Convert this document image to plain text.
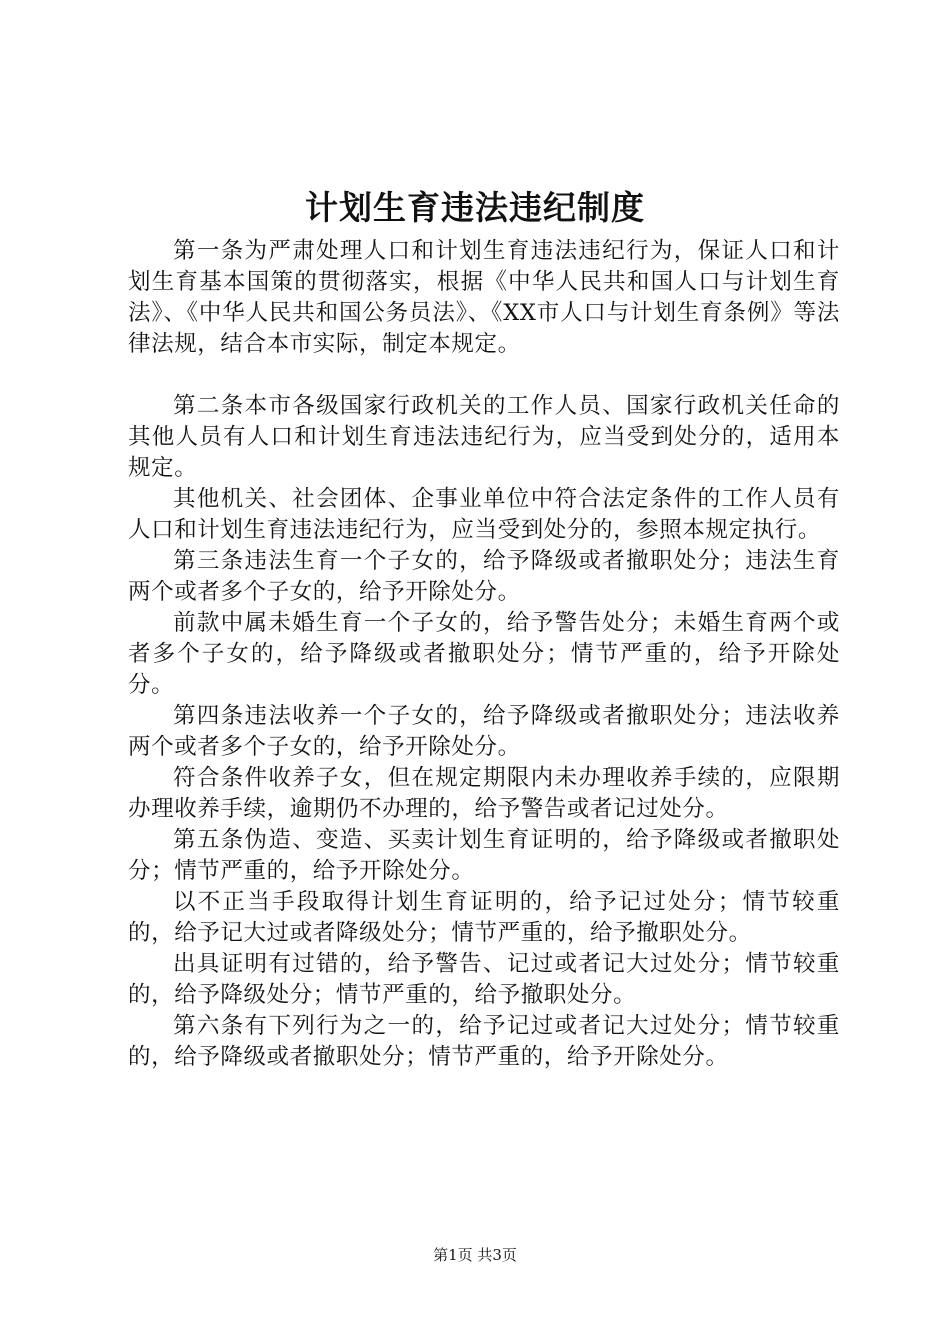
计划生育违法违纪制度

第一条为严肃处理人口和计划生育违法违纪行为，保证人口和计划生育基本国策的贯彻落实，根据《中华人民共和国人口与计划生育法》、《中华人民共和国公务员法》、《XX市人口与计划生育条例》等法律法规，结合本市实际，制定本规定。

第二条本市各级国家行政机关的工作人员、国家行政机关任命的其他人员有人口和计划生育违法违纪行为，应当受到处分的，适用本规定。

其他机关、社会团体、企事业单位中符合法定条件的工作人员有人口和计划生育违法违纪行为，应当受到处分的，参照本规定执行。

第三条违法生育一个子女的，给予降级或者撤职处分；违法生育两个或者多个子女的，给予开除处分。

前款中属未婚生育一个子女的，给予警告处分；未婚生育两个或者多个子女的，给予降级或者撤职处分；情节严重的，给予开除处分。

第四条违法收养一个子女的，给予降级或者撤职处分；违法收养两个或者多个子女的，给予开除处分。

符合条件收养子女，但在规定期限内未办理收养手续的，应限期办理收养手续，逾期仍不办理的，给予警告或者记过处分。

第五条伪造、变造、买卖计划生育证明的，给予降级或者撤职处分；情节严重的，给予开除处分。

以不正当手段取得计划生育证明的，给予记过处分；情节较重的，给予记大过或者降级处分；情节严重的，给予撤职处分。

出具证明有过错的，给予警告、记过或者记大过处分；情节较重的，给予降级处分；情节严重的，给予撤职处分。

第六条有下列行为之一的，给予记过或者记大过处分；情节较重的，给予降级或者撤职处分；情节严重的，给予开除处分。

第1页 共3页
